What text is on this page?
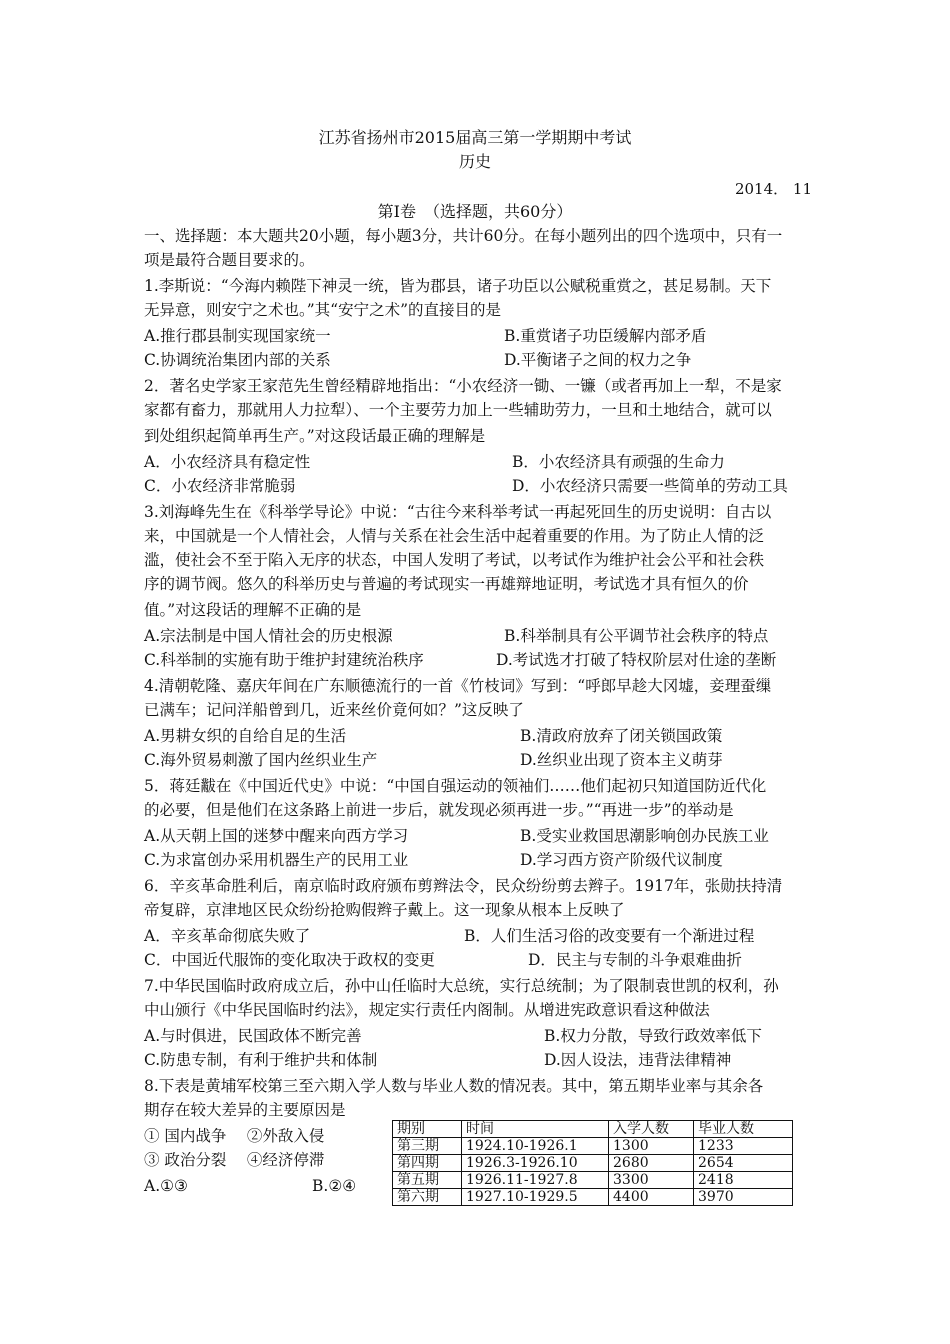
江苏省扬州市2015届高三第一学期期中考试
历史
2014． 11
第Ⅰ卷　（选择题，共60分）
一、选择题：本大题共20小题，每小题3分，共计60分。在每小题列出的四个选项中，只有一
项是最符合题目要求的。
1.李斯说：“今海内赖陛下神灵一统，皆为郡县，诸子功臣以公赋税重赏之，甚足易制。天下
无异意，则安宁之术也。”其“安宁之术”的直接目的是
A.推行郡县制实现国家统一	B.重赏诸子功臣缓解内部矛盾
C.协调统治集团内部的关系	D.平衡诸子之间的权力之争
2．著名史学家王家范先生曾经精辟地指出：“小农经济一锄、一镰（或者再加上一犁，不是家
家都有畜力，那就用人力拉犁）、一个主要劳力加上一些辅助劳力，一旦和土地结合，就可以
到处组织起简单再生产。”对这段话最正确的理解是
A．小农经济具有稳定性	B．小农经济具有顽强的生命力
C．小农经济非常脆弱	D．小农经济只需要一些简单的劳动工具
3.刘海峰先生在《科举学导论》中说：“古往今来科举考试一再起死回生的历史说明：自古以
来，中国就是一个人情社会，人情与关系在社会生活中起着重要的作用。为了防止人情的泛
滥，使社会不至于陷入无序的状态，中国人发明了考试，以考试作为维护社会公平和社会秩
序的调节阀。悠久的科举历史与普遍的考试现实一再雄辩地证明，考试选才具有恒久的价
值。”对这段话的理解不正确的是
A.宗法制是中国人情社会的历史根源	B.科举制具有公平调节社会秩序的特点
C.科举制的实施有助于维护封建统治秩序	D.考试选才打破了特权阶层对仕途的垄断
4.清朝乾隆、嘉庆年间在广东顺德流行的一首《竹枝词》写到：“呼郎早趁大冈墟，妾理蚕缫
已满车；记问洋船曾到几，近来丝价竟何如？”这反映了
A.男耕女织的自给自足的生活	B.清政府放弃了闭关锁国政策
C.海外贸易刺激了国内丝织业生产	D.丝织业出现了资本主义萌芽
5．蒋廷黻在《中国近代史》中说：“中国自强运动的领袖们……他们起初只知道国防近代化
的必要，但是他们在这条路上前进一步后，就发现必须再进一步。”“再进一步”的举动是
A.从天朝上国的迷梦中醒来向西方学习	B.受实业救国思潮影响创办民族工业
C.为求富创办采用机器生产的民用工业	D.学习西方资产阶级代议制度
6．辛亥革命胜利后，南京临时政府颁布剪辫法令，民众纷纷剪去辫子。1917年，张勋扶持清
帝复辟，京津地区民众纷纷抢购假辫子戴上。这一现象从根本上反映了
A．辛亥革命彻底失败了	B．人们生活习俗的改变要有一个渐进过程
C．中国近代服饰的变化取决于政权的变更	D．民主与专制的斗争艰难曲折
7.中华民国临时政府成立后，孙中山任临时大总统，实行总统制；为了限制袁世凯的权利，孙
中山颁行《中华民国临时约法》，规定实行责任内阁制。从增进宪政意识看这种做法
A.与时俱进，民国政体不断完善	B.权力分散，导致行政效率低下
C.防患专制，有利于维护共和体制	D.因人设法，违背法律精神
8.下表是黄埔军校第三至六期入学人数与毕业人数的情况表。其中，第五期毕业率与其余各
期存在较大差异的主要原因是
① 国内战争　 ②外敌入侵
③ 政治分裂　 ④经济停滞
A.①③	B.②④
期别	时间	入学人数	毕业人数
第三期	1924.10-1926.1	1300	1233
第四期	1926.3-1926.10	2680	2654
第五期	1926.11-1927.8	3300	2418
第六期	1927.10-1929.5	4400	3970
